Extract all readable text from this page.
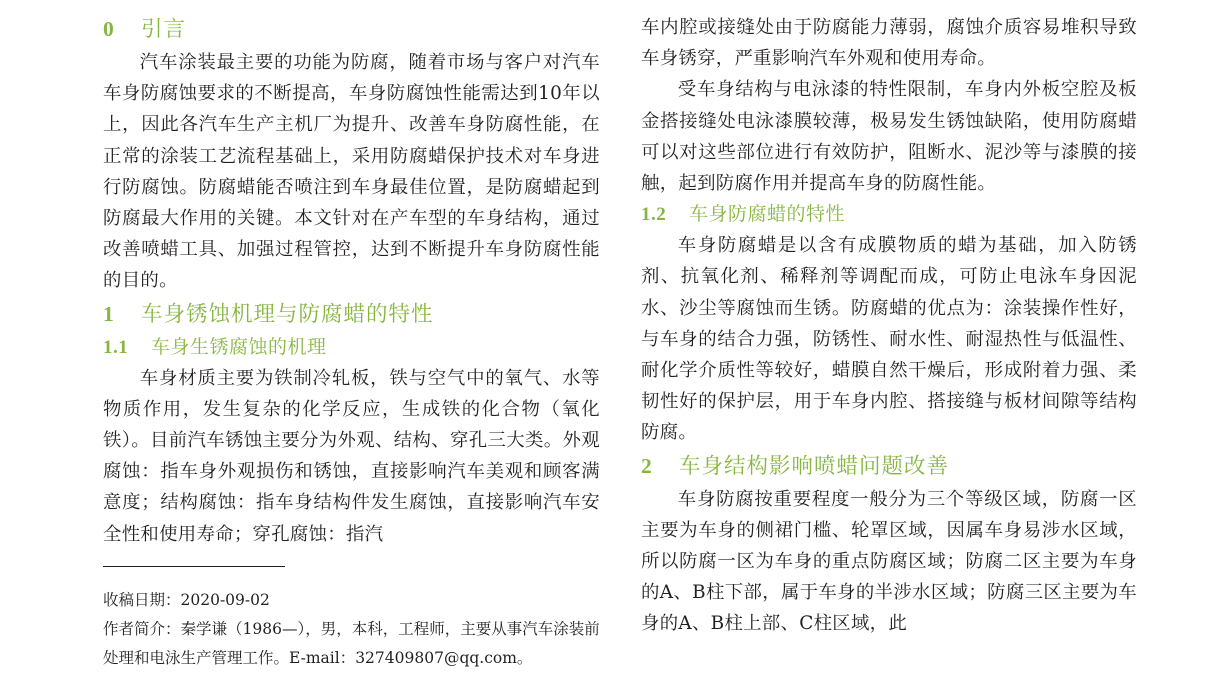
0 引言

汽车涂装最主要的功能为防腐，随着市场与客户对汽车车身防腐蚀要求的不断提高，车身防腐蚀性能需达到10年以上，因此各汽车生产主机厂为提升、改善车身防腐性能，在正常的涂装工艺流程基础上，采用防腐蜡保护技术对车身进行防腐蚀。防腐蜡能否喷注到车身最佳位置，是防腐蜡起到防腐最大作用的关键。本文针对在产车型的车身结构，通过改善喷蜡工具、加强过程管控，达到不断提升车身防腐性能的目的。

1 车身锈蚀机理与防腐蜡的特性

1.1 车身生锈腐蚀的机理

车身材质主要为铁制冷轧板，铁与空气中的氧气、水等物质作用，发生复杂的化学反应，生成铁的化合物（氧化铁）。目前汽车锈蚀主要分为外观、结构、穿孔三大类。外观腐蚀：指车身外观损伤和锈蚀，直接影响汽车美观和顾客满意度；结构腐蚀：指车身结构件发生腐蚀，直接影响汽车安全性和使用寿命；穿孔腐蚀：指汽

收稿日期：2020-09-02

作者简介：秦学谦（1986—），男，本科，工程师，主要从事汽车涂装前处理和电泳生产管理工作。E-mail：327409807@qq.com。

车内腔或接缝处由于防腐能力薄弱，腐蚀介质容易堆积导致车身锈穿，严重影响汽车外观和使用寿命。

受车身结构与电泳漆的特性限制，车身内外板空腔及板金搭接缝处电泳漆膜较薄，极易发生锈蚀缺陷，使用防腐蜡可以对这些部位进行有效防护，阻断水、泥沙等与漆膜的接触，起到防腐作用并提高车身的防腐性能。

1.2 车身防腐蜡的特性

车身防腐蜡是以含有成膜物质的蜡为基础，加入防锈剂、抗氧化剂、稀释剂等调配而成，可防止电泳车身因泥水、沙尘等腐蚀而生锈。防腐蜡的优点为：涂装操作性好，与车身的结合力强，防锈性、耐水性、耐湿热性与低温性、耐化学介质性等较好，蜡膜自然干燥后，形成附着力强、柔韧性好的保护层，用于车身内腔、搭接缝与板材间隙等结构防腐。

2 车身结构影响喷蜡问题改善

车身防腐按重要程度一般分为三个等级区域，防腐一区主要为车身的侧裙门槛、轮罩区域，因属车身易涉水区域，所以防腐一区为车身的重点防腐区域；防腐二区主要为车身的A、B柱下部，属于车身的半涉水区域；防腐三区主要为车身的A、B柱上部、C柱区域，此
